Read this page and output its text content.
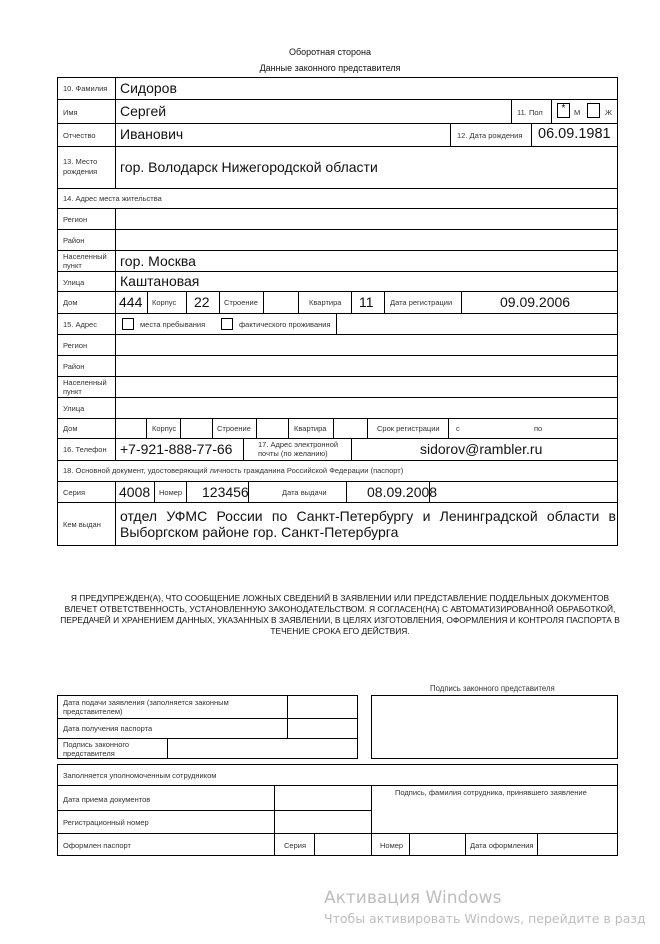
Оборотная сторона
Данные законного представителя
10. Фамилия Сидоров
Имя	Сергей	11. Пол	*	М	Ж
Отчество Иванович	12. Дата рождения 06.09.1981
13. Место
рождения гор. Володарск Нижегородской области
14. Адрес места жительства
Регион
Район
Населенный
пункт	гор. Москва
Улица	Каштановая
Дом	444 Корпус 22 Строение	Квартира 11 Дата регистрации	09.09.2006
15. Адрес	места пребывания	фактического проживания
Регион
Район
Населенный
пункт
Улица
Дом	Корпус	Строение	Квартира	Срок регистрации с	по
16. Телефон +7-921-888-77-66	17. Адрес электронной
почты (по желанию)	sidorov@rambler.ru
18. Основной документ, удостоверяющий личность гражданина Российской Федерации (паспорт)
Серия 4008 Номер 123456	Дата выдачи	08.09.2008
Кем выдан
отдел УФМС России по Санкт-Петербургу и Ленинградской области в
Выборгском районе гор. Санкт-Петербурга
Я ПРЕДУПРЕЖДЕН(А), ЧТО СООБЩЕНИЕ ЛОЖНЫХ СВЕДЕНИЙ В ЗАЯВЛЕНИИ ИЛИ ПРЕДСТАВЛЕНИЕ ПОДДЕЛЬНЫХ ДОКУМЕНТОВ ВЛЕЧЕТ ОТВЕТСТВЕННОСТЬ, УСТАНОВЛЕННУЮ ЗАКОНОДАТЕЛЬСТВОМ. Я СОГЛАСЕН(НА) С АВТОМАТИЗИРОВАННОЙ ОБРАБОТКОЙ, ПЕРЕДАЧЕЙ И ХРАНЕНИЕМ ДАННЫХ, УКАЗАННЫХ В ЗАЯВЛЕНИИ, В ЦЕЛЯХ ИЗГОТОВЛЕНИЯ, ОФОРМЛЕНИЯ И КОНТРОЛЯ ПАСПОРТА В ТЕЧЕНИЕ СРОКА ЕГО ДЕЙСТВИЯ.
Подпись законного представителя
Дата подачи заявления (заполняется законным
представителем)
Дата получения паспорта
Подпись законного
представителя
Заполняется уполномоченным сотрудником
Дата приема документов
Подпись, фамилия сотрудника, принявшего заявление
Регистрационный номер
Оформлен паспорт	Серия	Номер	Дата оформления
Активация Windows
Чтобы активировать Windows, перейдите в разд
